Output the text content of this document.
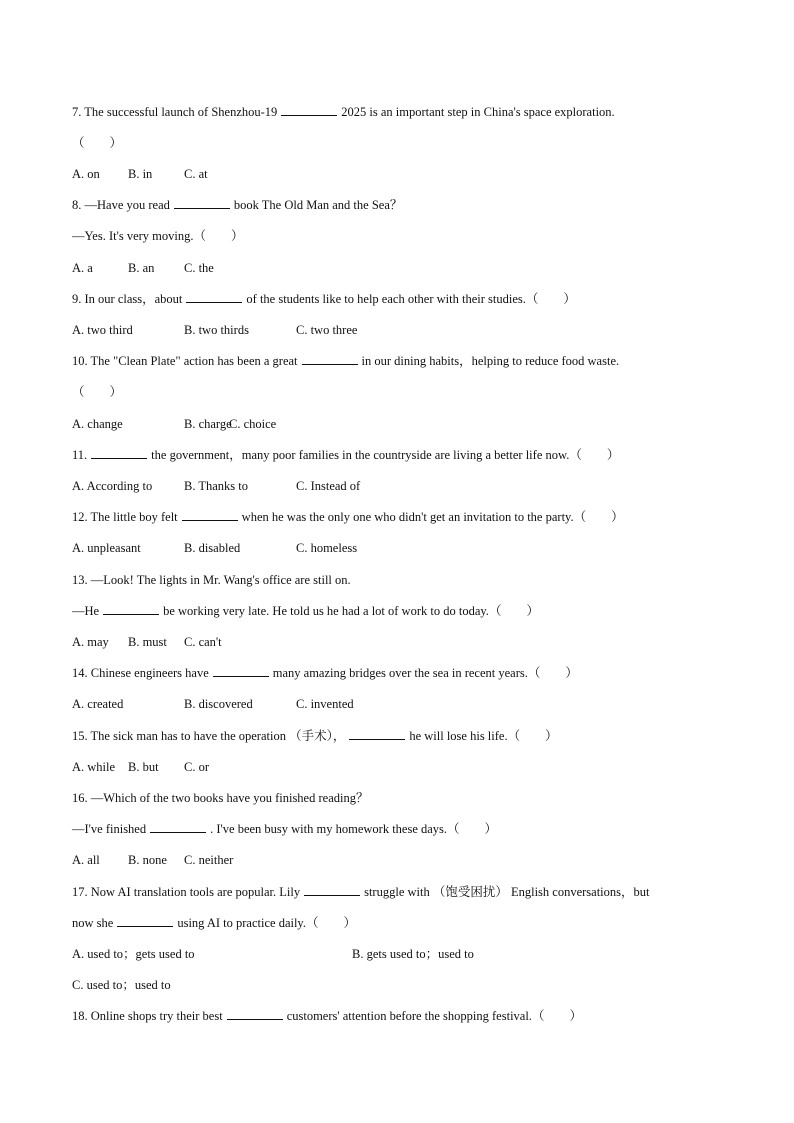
7. The successful launch of Shenzhou-19	2025 is an important step in China's space exploration.
（　　）
A. on B. in	C. at
8. —Have you read	book The Old Man and the Sea？
—Yes. It's very moving.（　　）
A. a	B. an C. the
9. In our class，about	of the students like to help each other with their studies.（　　）
A. two third	B. two thirds	C. two three
10. The "Clean Plate" action has been a great	in our dining habits，helping to reduce food waste.
（　　）
A. change	B. charge
C. choice
11.	the government，many poor families in the countryside are living a better life now.（　　）
A. According to	B. Thanks to	C. Instead of
12. The little boy felt	when he was the only one who didn't get an invitation to the party.（　　）
A. unpleasant	B. disabled	C. homeless
13. —Look! The lights in Mr. Wang's office are still on.
—He	be working very late. He told us he had a lot of work to do today.（　　）
A. may B. must C. can't
14. Chinese engineers have	many amazing bridges over the sea in recent years.（　　）
A. created	B. discovered	C. invented
15. The sick man has to have the operation （手术），	he will lose his life.（　　）
A. while B. but C. or
16. —Which of the two books have you finished reading？
—I've finished	. I've been busy with my homework these days.（　　）
A. all B. none C. neither
17. Now AI translation tools are popular. Lily	struggle with （饱受困扰） English conversations，but
now she	using AI to practice daily.（　　）
A. used to；gets used to	B. gets used to；used to
C. used to；used to
18. Online shops try their best	customers' attention before the shopping festival.（　　）
